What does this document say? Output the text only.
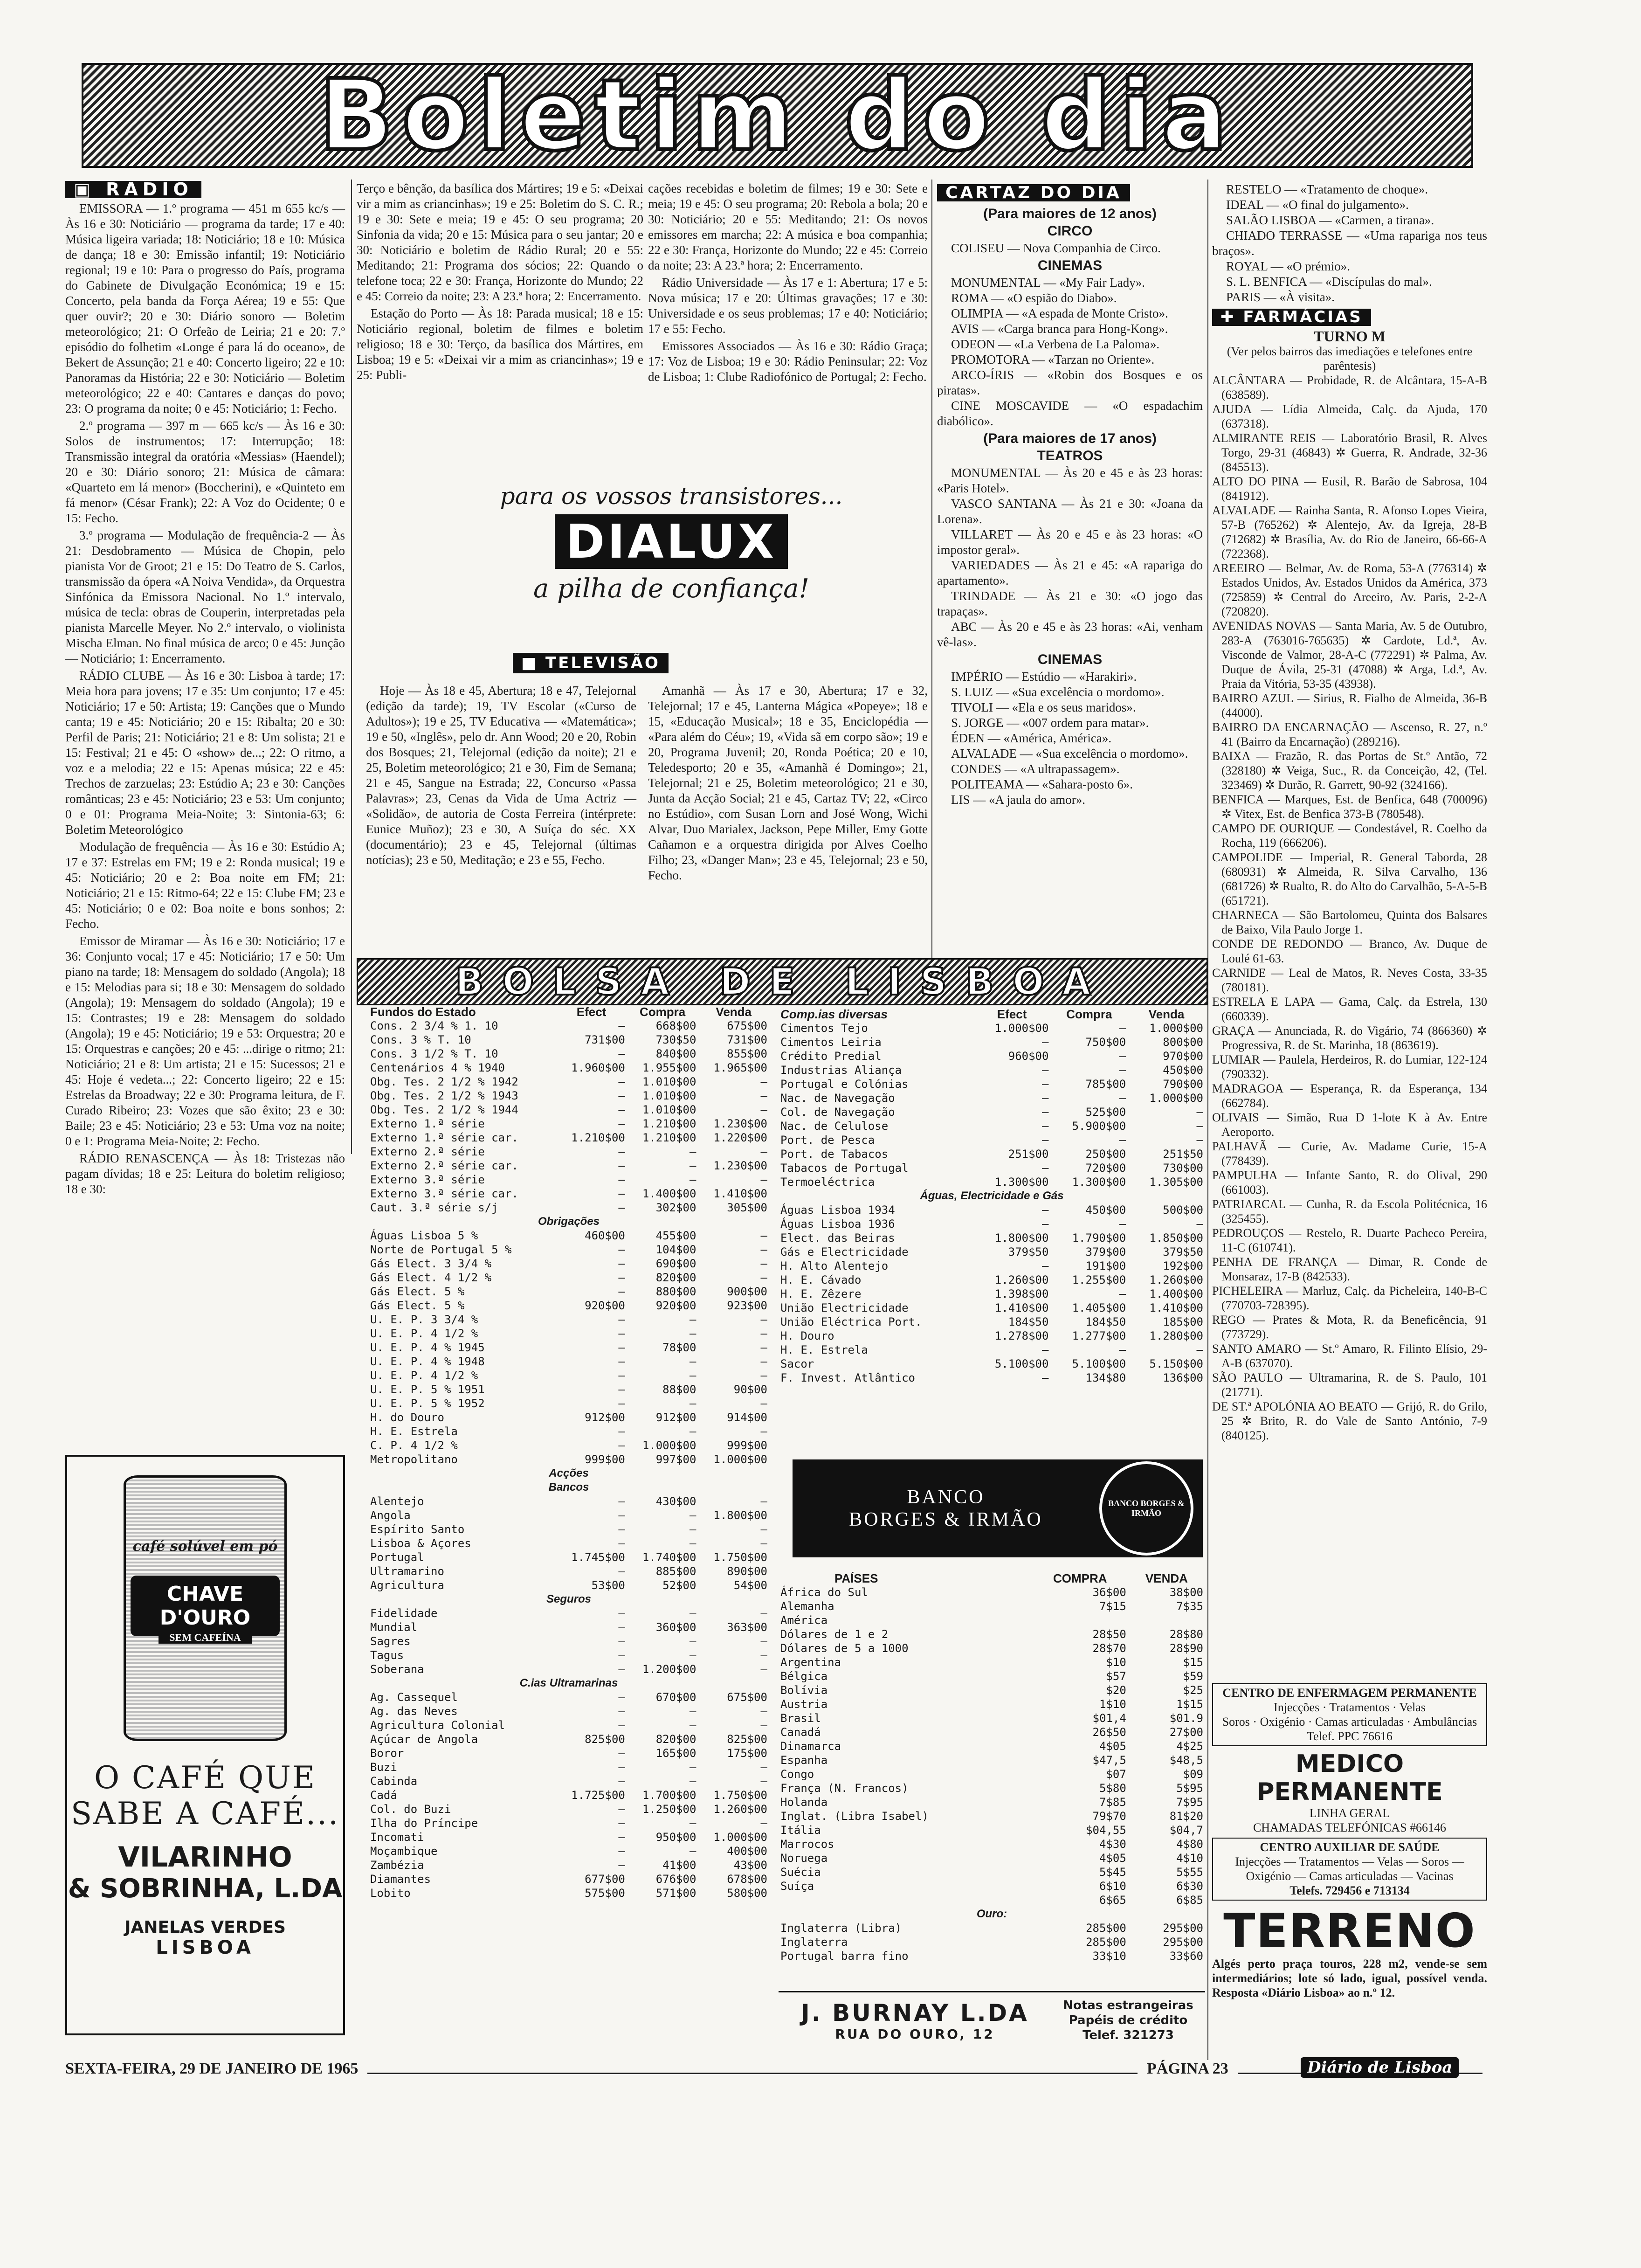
Boletim do dia
▣ RADIO

EMISSORA — 1.º programa — 451 m 655 kc/s — Às 16 e 30: Noticiário — programa da tarde; 17 e 40: Música ligeira variada; 18: Noticiário; 18 e 10: Música de dança; 18 e 30: Emissão infantil; 19: Noticiário regional; 19 e 10: Para o progresso do País, programa do Gabinete de Divulgação Económica; 19 e 15: Concerto, pela banda da Força Aérea; 19 e 55: Que quer ouvir?; 20 e 30: Diário sonoro — Boletim meteorológico; 21: O Orfeão de Leiria; 21 e 20: 7.º episódio do folhetim «Longe é para lá do oceano», de Bekert de Assunção; 21 e 40: Concerto ligeiro; 22 e 10: Panoramas da História; 22 e 30: Noticiário — Boletim meteorológico; 22 e 40: Cantares e danças do povo; 23: O programa da noite; 0 e 45: Noticiário; 1: Fecho.

2.º programa — 397 m — 665 kc/s — Às 16 e 30: Solos de instrumentos; 17: Interrupção; 18: Transmissão integral da oratória «Messias» (Haendel); 20 e 30: Diário sonoro; 21: Música de câmara: «Quarteto em lá menor» (Boccherini), e «Quinteto em fá menor» (César Frank); 22: A Voz do Ocidente; 0 e 15: Fecho.

3.º programa — Modulação de frequência-2 — Às 21: Desdobramento — Música de Chopin, pelo pianista Vor de Groot; 21 e 15: Do Teatro de S. Carlos, transmissão da ópera «A Noiva Vendida», da Orquestra Sinfónica da Emissora Nacional. No 1.º intervalo, música de tecla: obras de Couperin, interpretadas pela pianista Marcelle Meyer. No 2.º intervalo, o violinista Mischa Elman. No final música de arco; 0 e 45: Junção — Noticiário; 1: Encerramento.

RÁDIO CLUBE — Às 16 e 30: Lisboa à tarde; 17: Meia hora para jovens; 17 e 35: Um conjunto; 17 e 45: Noticiário; 17 e 50: Artista; 19: Canções que o Mundo canta; 19 e 45: Noticiário; 20 e 15: Ribalta; 20 e 30: Perfil de Paris; 21: Noticiário; 21 e 8: Um solista; 21 e 15: Festival; 21 e 45: O «show» de...; 22: O ritmo, a voz e a melodia; 22 e 15: Apenas música; 22 e 45: Trechos de zarzuelas; 23: Estúdio A; 23 e 30: Canções românticas; 23 e 45: Noticiário; 23 e 53: Um conjunto; 0 e 01: Programa Meia-Noite; 3: Sintonia-63; 6: Boletim Meteorológico

Modulação de frequência — Às 16 e 30: Estúdio A; 17 e 37: Estrelas em FM; 19 e 2: Ronda musical; 19 e 45: Noticiário; 20 e 2: Boa noite em FM; 21: Noticiário; 21 e 15: Ritmo-64; 22 e 15: Clube FM; 23 e 45: Noticiário; 0 e 02: Boa noite e bons sonhos; 2: Fecho.

Emissor de Miramar — Às 16 e 30: Noticiário; 17 e 36: Conjunto vocal; 17 e 45: Noticiário; 17 e 50: Um piano na tarde; 18: Mensagem do soldado (Angola); 18 e 15: Melodias para si; 18 e 30: Mensagem do soldado (Angola); 19: Mensagem do soldado (Angola); 19 e 15: Contrastes; 19 e 28: Mensagem do soldado (Angola); 19 e 45: Noticiário; 19 e 53: Orquestra; 20 e 15: Orquestras e canções; 20 e 45: ...dirige o ritmo; 21: Noticiário; 21 e 8: Um artista; 21 e 15: Sucessos; 21 e 45: Hoje é vedeta...; 22: Concerto ligeiro; 22 e 15: Estrelas da Broadway; 22 e 30: Programa leitura, de F. Curado Ribeiro; 23: Vozes que são êxito; 23 e 30: Baile; 23 e 45: Noticiário; 23 e 53: Uma voz na noite; 0 e 1: Programa Meia-Noite; 2: Fecho.

RÁDIO RENASCENÇA — Às 18: Tristezas não pagam dívidas; 18 e 25: Leitura do boletim religioso; 18 e 30:

Terço e bênção, da basílica dos Mártires; 19 e 5: «Deixai vir a mim as criancinhas»; 19 e 25: Boletim do S. C. R.; 19 e 30: Sete e meia; 19 e 45: O seu programa; 20 Sinfonia da vida; 20 e 15: Música para o seu jantar; 20 e 30: Noticiário e boletim de Rádio Rural; 20 e 55: Meditando; 21: Programa dos sócios; 22: Quando o telefone toca; 22 e 30: França, Horizonte do Mundo; 22 e 45: Correio da noite; 23: A 23.ª hora; 2: Encerramento.

Estação do Porto — Às 18: Parada musical; 18 e 15: Noticiário regional, boletim de filmes e boletim religioso; 18 e 30: Terço, da basílica dos Mártires, em Lisboa; 19 e 5: «Deixai vir a mim as criancinhas»; 19 e 25: Publi-

cações recebidas e boletim de filmes; 19 e 30: Sete e meia; 19 e 45: O seu programa; 20: Rebola a bola; 20 e 30: Noticiário; 20 e 55: Meditando; 21: Os novos emissores em marcha; 22: A música e boa companhia; 22 e 30: França, Horizonte do Mundo; 22 e 45: Correio da noite; 23: A 23.ª hora; 2: Encerramento.

Rádio Universidade — Às 17 e 1: Abertura; 17 e 5: Nova música; 17 e 20: Últimas gravações; 17 e 30: Universidade e os seus problemas; 17 e 40: Noticiário; 17 e 55: Fecho.

Emissores Associados — Às 16 e 30: Rádio Graça; 17: Voz de Lisboa; 19 e 30: Rádio Peninsular; 22: Voz de Lisboa; 1: Clube Radiofónico de Portugal; 2: Fecho.

para os vossos transistores...
DIALUX
a pilha de confiança!
■ TELEVISÃO

Hoje — Às 18 e 45, Abertura; 18 e 47, Telejornal (edição da tarde); 19, TV Escolar («Curso de Adultos»); 19 e 25, TV Educativa — «Matemática»; 19 e 50, «Inglês», pelo dr. Ann Wood; 20 e 20, Robin dos Bosques; 21, Telejornal (edição da noite); 21 e 25, Boletim meteorológico; 21 e 30, Fim de Semana; 21 e 45, Sangue na Estrada; 22, Concurso «Passa Palavras»; 23, Cenas da Vida de Uma Actriz — «Solidão», de autoria de Costa Ferreira (intérprete: Eunice Muñoz); 23 e 30, A Suíça do séc. XX (documentário); 23 e 45, Telejornal (últimas notícias); 23 e 50, Meditação; e 23 e 55, Fecho.

Amanhã — Às 17 e 30, Abertura; 17 e 32, Telejornal; 17 e 45, Lanterna Mágica «Popeye»; 18 e 15, «Educação Musical»; 18 e 35, Enciclopédia — «Para além do Céu»; 19, «Vida sã em corpo são»; 19 e 20, Programa Juvenil; 20, Ronda Poética; 20 e 10, Teledesporto; 20 e 35, «Amanhã é Domingo»; 21, Telejornal; 21 e 25, Boletim meteorológico; 21 e 30, Junta da Acção Social; 21 e 45, Cartaz TV; 22, «Circo no Estúdio», com Susan Lorn and José Wong, Wichi Alvar, Duo Marialex, Jackson, Pepe Miller, Emy Gotte Cañamon e a orquestra dirigida por Alves Coelho Filho; 23, «Danger Man»; 23 e 45, Telejornal; 23 e 50, Fecho.

CARTAZ DO DIA
(Para maiores de 12 anos)
CIRCO

COLISEU — Nova Companhia de Circo.

CINEMAS

MONUMENTAL — «My Fair Lady».

ROMA — «O espião do Diabo».

OLIMPIA — «A espada de Monte Cristo».

AVIS — «Carga branca para Hong-Kong».

ODEON — «La Verbena de La Paloma».

PROMOTORA — «Tarzan no Oriente».

ARCO-ÍRIS — «Robin dos Bosques e os piratas».

CINE MOSCAVIDE — «O espadachim diabólico».

(Para maiores de 17 anos)
TEATROS

MONUMENTAL — Às 20 e 45 e às 23 horas: «Paris Hotel».

VASCO SANTANA — Às 21 e 30: «Joana da Lorena».

VILLARET — Às 20 e 45 e às 23 horas: «O impostor geral».

VARIEDADES — Às 21 e 45: «A rapariga do apartamento».

TRINDADE — Às 21 e 30: «O jogo das trapaças».

ABC — Às 20 e 45 e às 23 horas: «Ai, venham vê-las».

CINEMAS

IMPÉRIO — Estúdio — «Harakiri».

S. LUIZ — «Sua excelência o mordomo».

TIVOLI — «Ela e os seus maridos».

S. JORGE — «007 ordem para matar».

ÉDEN — «América, América».

ALVALADE — «Sua excelência o mordomo».

CONDES — «A ultrapassagem».

POLITEAMA — «Sahara-posto 6».

LIS — «A jaula do amor».

RESTELO — «Tratamento de choque».

IDEAL — «O final do julgamento».

SALÃO LISBOA — «Carmen, a tirana».

CHIADO TERRASSE — «Uma rapariga nos teus braços».

ROYAL — «O prémio».

S. L. BENFICA — «Discípulas do mal».

PARIS — «À visita».

✚ FARMÁCIAS
TURNO M
(Ver pelos bairros das imediações e telefones entre parêntesis)

ALCÂNTARA — Probidade, R. de Alcântara, 15-A-B (638589).

AJUDA — Lídia Almeida, Calç. da Ajuda, 170 (637318).

ALMIRANTE REIS — Laboratório Brasil, R. Alves Torgo, 29-31 (46843) ✲ Guerra, R. Andrade, 32-36 (845513).

ALTO DO PINA — Eusil, R. Barão de Sabrosa, 104 (841912).

ALVALADE — Rainha Santa, R. Afonso Lopes Vieira, 57-B (765262) ✲ Alentejo, Av. da Igreja, 28-B (712682) ✲ Brasília, Av. do Rio de Janeiro, 66-66-A (722368).

AREEIRO — Belmar, Av. de Roma, 53-A (776314) ✲ Estados Unidos, Av. Estados Unidos da América, 373 (725859) ✲ Central do Areeiro, Av. Paris, 2-2-A (720820).

AVENIDAS NOVAS — Santa Maria, Av. 5 de Outubro, 283-A (763016-765635) ✲ Cardote, Ld.ª, Av. Visconde de Valmor, 28-A-C (772291) ✲ Palma, Av. Duque de Ávila, 25-31 (47088) ✲ Arga, Ld.ª, Av. Praia da Vitória, 53-35 (43938).

BAIRRO AZUL — Sirius, R. Fialho de Almeida, 36-B (44000).

BAIRRO DA ENCARNAÇÃO — Ascenso, R. 27, n.º 41 (Bairro da Encarnação) (289216).

BAIXA — Frazão, R. das Portas de St.º Antão, 72 (328180) ✲ Veiga, Suc., R. da Conceição, 42, (Tel. 323469) ✲ Durão, R. Garrett, 90-92 (324166).

BENFICA — Marques, Est. de Benfica, 648 (700096) ✲ Vitex, Est. de Benfica 373-B (780548).

CAMPO DE OURIQUE — Condestável, R. Coelho da Rocha, 119 (666206).

CAMPOLIDE — Imperial, R. General Taborda, 28 (680931) ✲ Almeida, R. Silva Carvalho, 136 (681726) ✲ Rualto, R. do Alto do Carvalhão, 5-A-5-B (651721).

CHARNECA — São Bartolomeu, Quinta dos Balsares de Baixo, Vila Paulo Jorge 1.

CONDE DE REDONDO — Branco, Av. Duque de Loulé 61-63.

CARNIDE — Leal de Matos, R. Neves Costa, 33-35 (780181).

ESTRELA E LAPA — Gama, Calç. da Estrela, 130 (660339).

GRAÇA — Anunciada, R. do Vigário, 74 (866360) ✲ Progressiva, R. de St. Marinha, 18 (863619).

LUMIAR — Paulela, Herdeiros, R. do Lumiar, 122-124 (790332).

MADRAGOA — Esperança, R. da Esperança, 134 (662784).

OLIVAIS — Simão, Rua D 1-lote K à Av. Entre Aeroporto.

PALHAVÃ — Curie, Av. Madame Curie, 15-A (778439).

PAMPULHA — Infante Santo, R. do Olival, 290 (661003).

PATRIARCAL — Cunha, R. da Escola Politécnica, 16 (325455).

PEDROUÇOS — Restelo, R. Duarte Pacheco Pereira, 11-C (610741).

PENHA DE FRANÇA — Dimar, R. Conde de Monsaraz, 17-B (842533).

PICHELEIRA — Marluz, Calç. da Picheleira, 140-B-C (770703-728395).

REGO — Prates & Mota, R. da Beneficência, 91 (773729).

SANTO AMARO — St.º Amaro, R. Filinto Elísio, 29-A-B (637070).

SÃO PAULO — Ultramarina, R. de S. Paulo, 101 (21771).

DE ST.ª APOLÓNIA AO BEATO — Grijó, R. do Grilo, 25 ✲ Brito, R. do Vale de Santo António, 7-9 (840125).

CENTRO DE ENFERMAGEM PERMANENTE
Injecções · Tratamentos · Velas
Soros · Oxigénio · Camas articuladas · Ambulâncias
Telef. PPC 76616
MEDICO PERMANENTE
LINHA GERAL
CHAMADAS TELEFÓNICAS #66146
CENTRO AUXILIAR DE SAÚDE
Injecções — Tratamentos — Velas — Soros — Oxigénio — Camas articuladas — Vacinas
Telefs. 729456 e 713134
TERRENO
Algés perto praça touros, 228 m2, vende-se sem intermediários; lote só lado, igual, possível venda. Resposta «Diário Lisboa» ao n.º 12.
BOLSA DE LISBOA
Fundos do Estado	Efect	Compra	Venda
Cons. 2 3/4 % 1. 10	—	668$00	675$00
Cons. 3 % T. 10	731$00	730$50	731$00
Cons. 3 1/2 % T. 10	—	840$00	855$00
Centenários 4 % 1940	1.960$00	1.955$00	1.965$00
Obg. Tes. 2 1/2 % 1942	—	1.010$00	—
Obg. Tes. 2 1/2 % 1943	—	1.010$00	—
Obg. Tes. 2 1/2 % 1944	—	1.010$00	—
Externo 1.ª série	—	1.210$00	1.230$00
Externo 1.ª série car.	1.210$00	1.210$00	1.220$00
Externo 2.ª série	—	—	—
Externo 2.ª série car.	—	—	1.230$00
Externo 3.ª série	—	—	—
Externo 3.ª série car.	—	1.400$00	1.410$00
Caut. 3.ª série s/j	—	302$00	305$00
Obrigações			
Águas Lisboa 5 %	460$00	455$00	—
Norte de Portugal 5 %	—	104$00	—
Gás Elect. 3 3/4 %	—	690$00	—
Gás Elect. 4 1/2 %	—	820$00	—
Gás Elect. 5 %	—	880$00	900$00
Gás Elect. 5 %	920$00	920$00	923$00
U. E. P. 3 3/4 %	—	—	—
U. E. P. 4 1/2 %	—	—	—
U. E. P. 4 % 1945	—	78$00	—
U. E. P. 4 % 1948	—	—	—
U. E. P. 4 1/2 %	—	—	—
U. E. P. 5 % 1951	—	88$00	90$00
U. E. P. 5 % 1952	—	—	—
H. do Douro	912$00	912$00	914$00
H. E. Estrela	—	—	—
C. P. 4 1/2 %	—	1.000$00	999$00
Metropolitano	999$00	997$00	1.000$00
Acções			
Bancos			
Alentejo	—	430$00	—
Angola	—	—	1.800$00
Espírito Santo	—	—	—
Lisboa & Açores	—	—	—
Portugal	1.745$00	1.740$00	1.750$00
Ultramarino	—	885$00	890$00
Agricultura	53$00	52$00	54$00
Seguros			
Fidelidade	—	—	—
Mundial	—	360$00	363$00
Sagres	—	—	—
Tagus	—	—	—
Soberana	—	1.200$00	—
C.ias Ultramarinas			
Ag. Cassequel	—	670$00	675$00
Ag. das Neves	—	—	—
Agricultura Colonial	—	—	—
Açúcar de Angola	825$00	820$00	825$00
Boror	—	165$00	175$00
Buzi	—	—	—
Cabinda	—	—	—
Cadá	1.725$00	1.700$00	1.750$00
Col. do Buzi	—	1.250$00	1.260$00
Ilha do Príncipe	—	—	—
Incomati	—	950$00	1.000$00
Moçambique	—	—	400$00
Zambézia	—	41$00	43$00
Diamantes	677$00	676$00	678$00
Lobito	575$00	571$00	580$00
Comp.ias diversas	Efect	Compra	Venda
Cimentos Tejo	1.000$00	—	1.000$00
Cimentos Leiria	—	750$00	800$00
Crédito Predial	960$00	—	970$00
Industrias Aliança	—	—	450$00
Portugal e Colónias	—	785$00	790$00
Nac. de Navegação	—	—	1.000$00
Col. de Navegação	—	525$00	—
Nac. de Celulose	—	5.900$00	—
Port. de Pesca	—	—	—
Port. de Tabacos	251$00	250$00	251$50
Tabacos de Portugal	—	720$00	730$00
Termoeléctrica	1.300$00	1.300$00	1.305$00
Águas, Electricidade e Gás			
Águas Lisboa 1934	—	450$00	500$00
Águas Lisboa 1936	—	—	—
Elect. das Beiras	1.800$00	1.790$00	1.850$00
Gás e Electricidade	379$50	379$00	379$50
H. Alto Alentejo	—	191$00	192$00
H. E. Cávado	1.260$00	1.255$00	1.260$00
H. E. Zêzere	1.398$00	—	1.400$00
União Electricidade	1.410$00	1.405$00	1.410$00
União Eléctrica Port.	184$50	184$50	185$00
H. Douro	1.278$00	1.277$00	1.280$00
H. E. Estrela	—	—	—
Sacor	5.100$00	5.100$00	5.150$00
F. Invest. Atlântico	—	134$80	136$00
BANCO
BORGES & IRMÃO
BANCO BORGES & IRMÃO
PAÍSES	COMPRA	VENDA
África do Sul	36$00	38$00
Alemanha	7$15	7$35
América		
Dólares de 1 e 2	28$50	28$80
Dólares de 5 a 1000	28$70	28$90
Argentina	$10	$15
Bélgica	$57	$59
Bolívia	$20	$25
Austria	1$10	1$15
Brasil	$01,4	$01.9
Canadá	26$50	27$00
Dinamarca	4$05	4$25
Espanha	$47,5	$48,5
Congo	$07	$09
França (N. Francos)	5$80	5$95
Holanda	7$85	7$95
Inglat. (Libra Isabel)	79$70	81$20
Itália	$04,55	$04,7
Marrocos	4$30	4$80
Noruega	4$05	4$10
Suécia	5$45	5$55
Suíça	6$10	6$30
	6$65	6$85
Ouro:		
Inglaterra (Libra)	285$00	295$00
Inglaterra	285$00	295$00
Portugal barra fino	33$10	33$60
J. BURNAY L.DA
RUA DO OURO, 12
Notas estrangeiras
Papéis de crédito
Telef. 321273
café solúvel em pó
CHAVE D'OURO
SEM CAFEÍNA
O CAFÉ QUE
SABE A CAFÉ...
VILARINHO
& SOBRINHA, L.DA
JANELAS VERDES
LISBOA
SEXTA-FEIRA, 29 DE JANEIRO DE 1965	PÁGINA 23	Diário de Lisboa
